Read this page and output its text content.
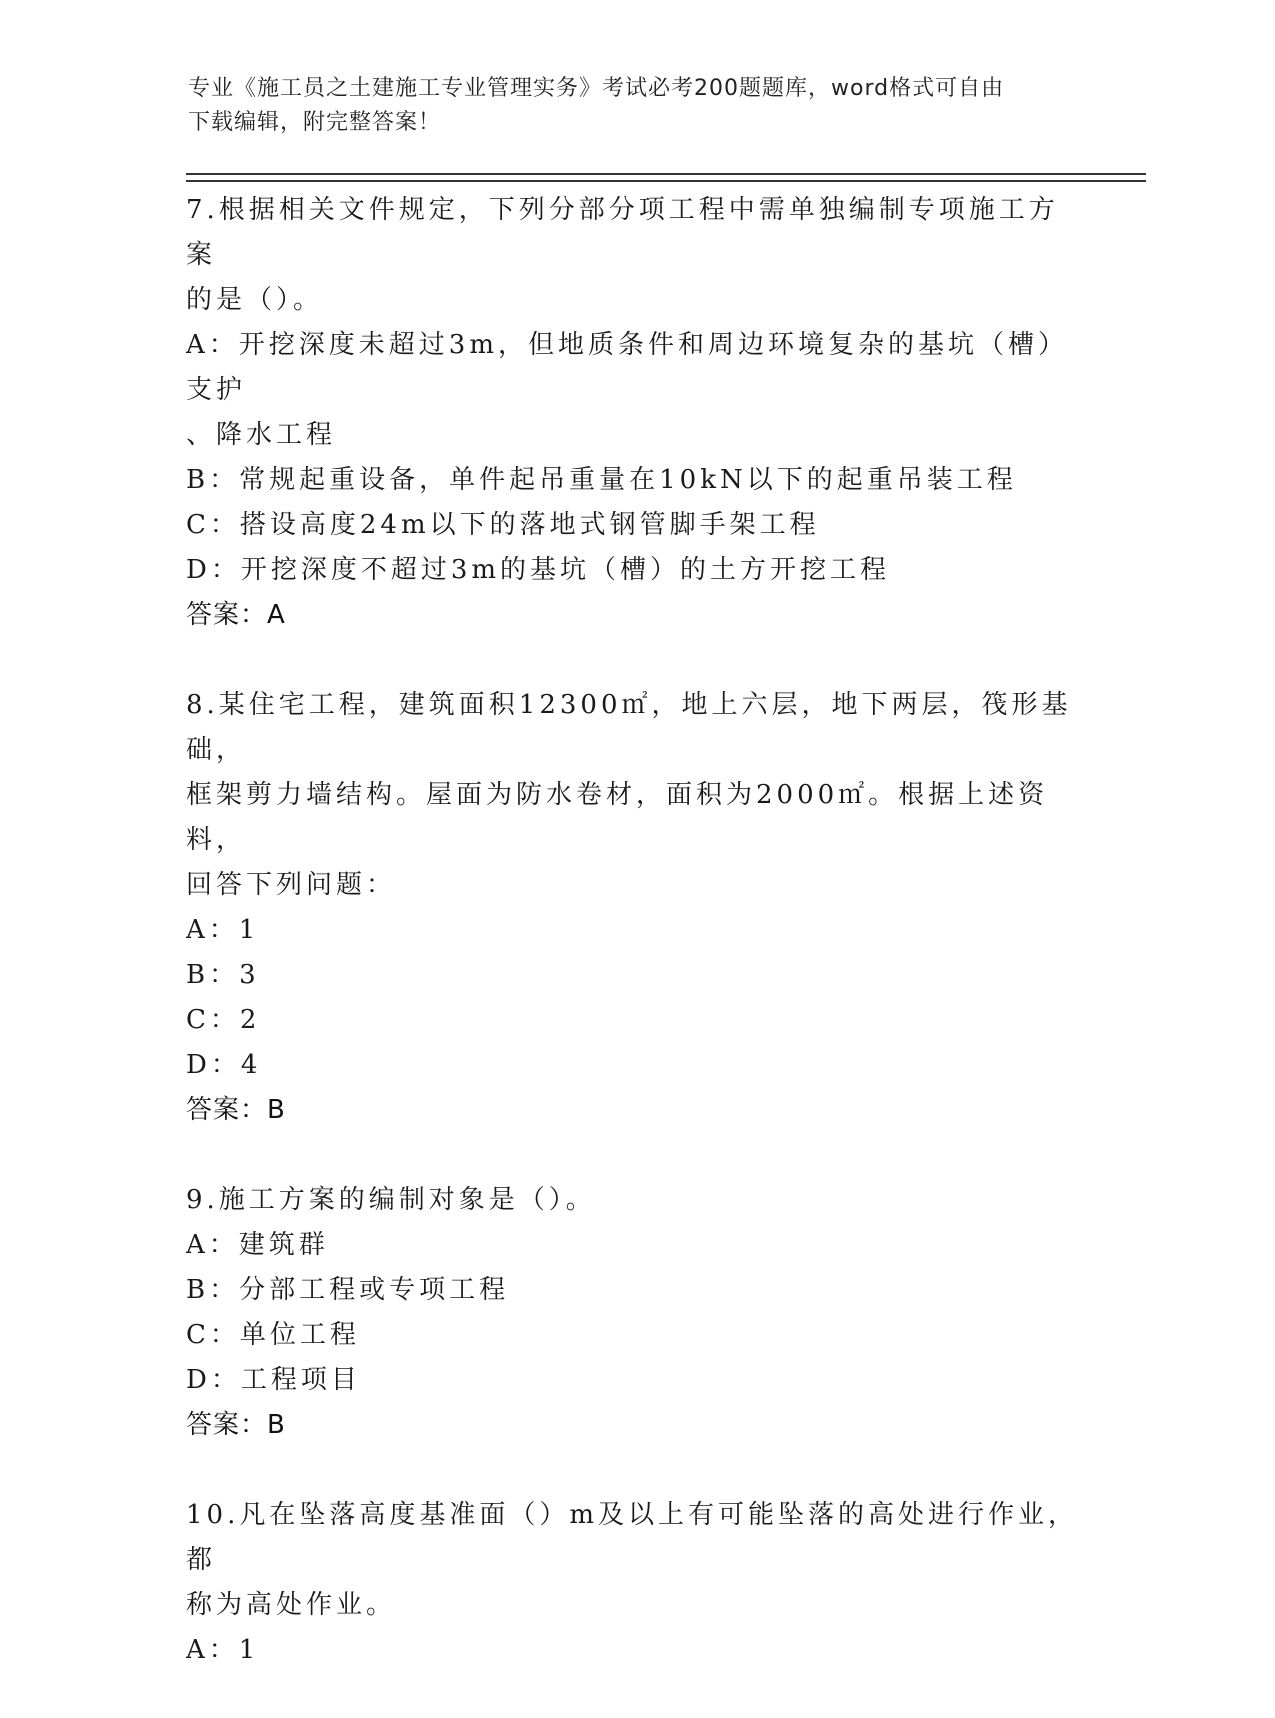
专业《施工员之土建施工专业管理实务》考试必考200题题库，word格式可自由
下载编辑，附完整答案！
7.根据相关文件规定，下列分部分项工程中需单独编制专项施工方案
的是（）。
A：开挖深度未超过3m，但地质条件和周边环境复杂的基坑（槽）支护
、降水工程
B：常规起重设备，单件起吊重量在10kN以下的起重吊装工程
C：搭设高度24m以下的落地式钢管脚手架工程
D：开挖深度不超过3m的基坑（槽）的土方开挖工程
答案：A
8.某住宅工程，建筑面积12300㎡，地上六层，地下两层，筏形基础，
框架剪力墙结构。屋面为防水卷材，面积为2000㎡。根据上述资料，
回答下列问题：
A：1
B：3
C：2
D：4
答案：B
9.施工方案的编制对象是（）。
A：建筑群
B：分部工程或专项工程
C：单位工程
D：工程项目
答案：B
10.凡在坠落高度基准面（）m及以上有可能坠落的高处进行作业，都
称为高处作业。
A：1
